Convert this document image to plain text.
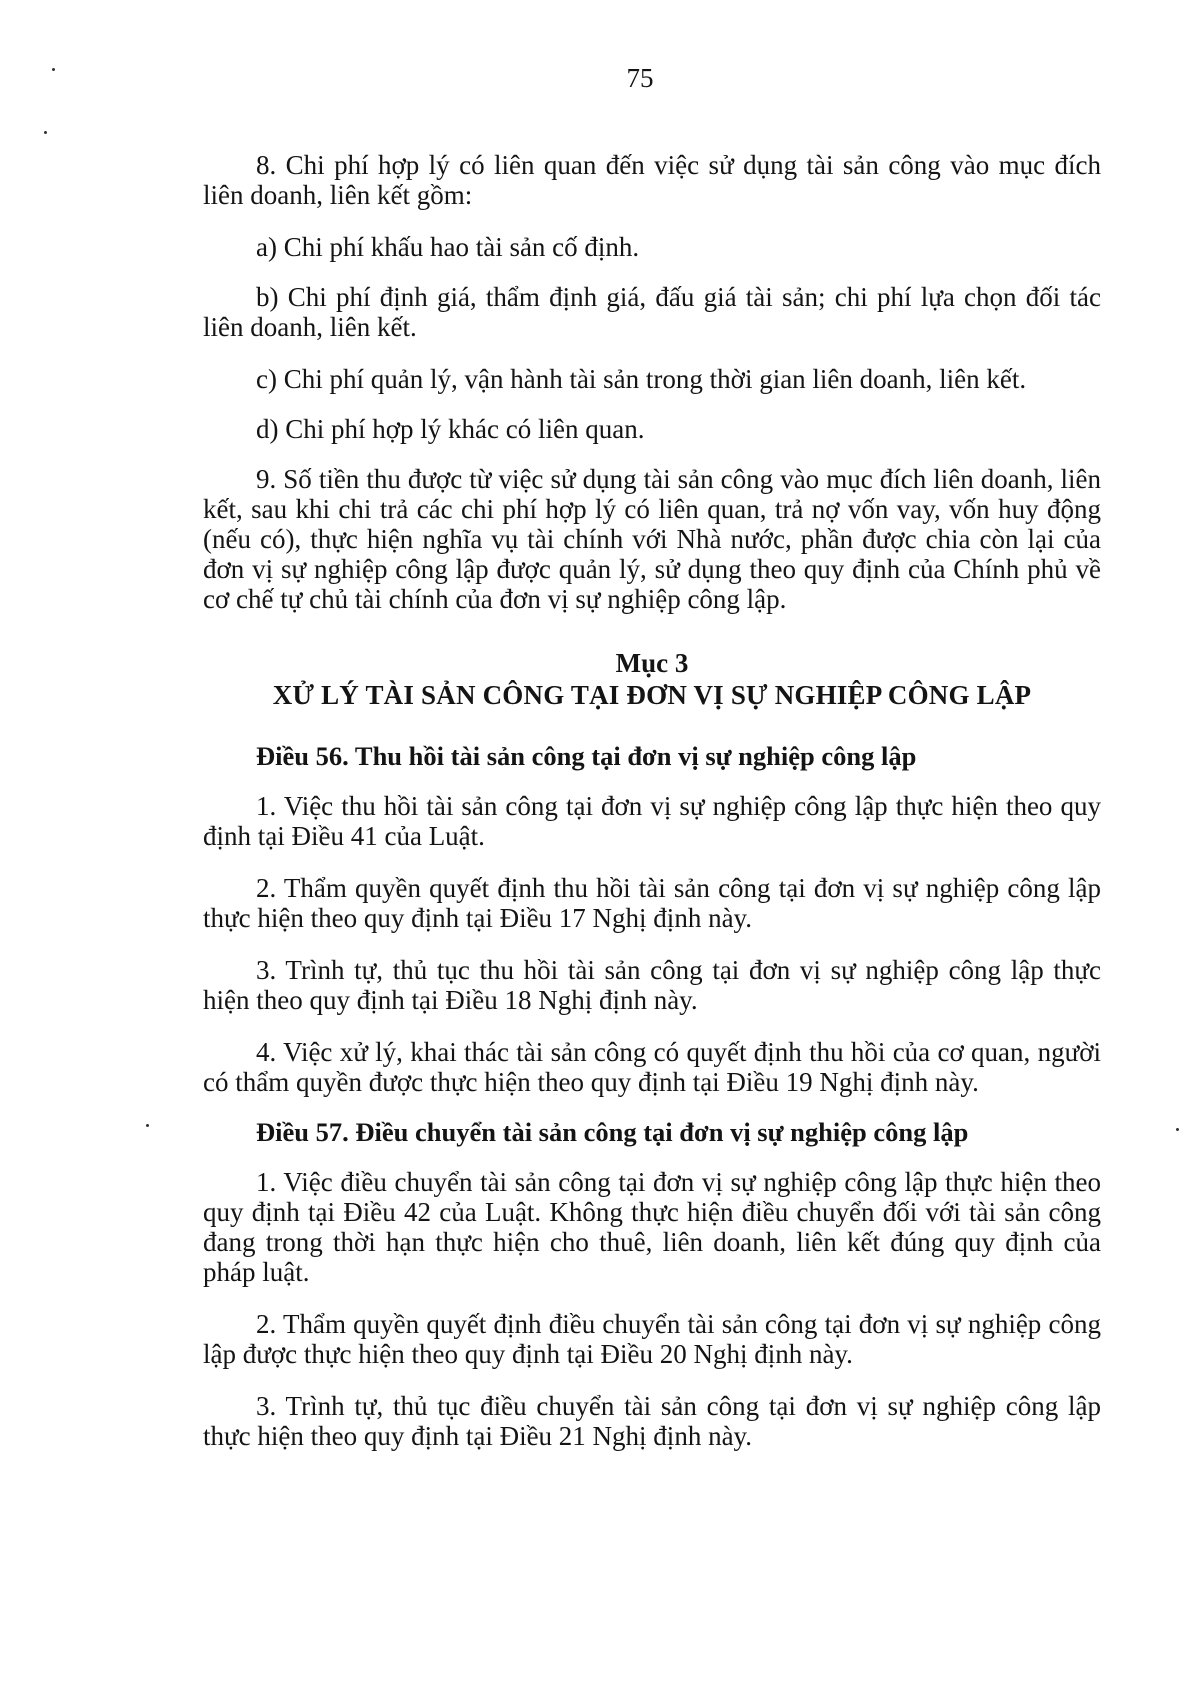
75

8. Chi phí hợp lý có liên quan đến việc sử dụng tài sản công vào mục đích liên doanh, liên kết gồm:

a) Chi phí khấu hao tài sản cố định.

b) Chi phí định giá, thẩm định giá, đấu giá tài sản; chi phí lựa chọn đối tác liên doanh, liên kết.

c) Chi phí quản lý, vận hành tài sản trong thời gian liên doanh, liên kết.

d) Chi phí hợp lý khác có liên quan.

9. Số tiền thu được từ việc sử dụng tài sản công vào mục đích liên doanh, liên kết, sau khi chi trả các chi phí hợp lý có liên quan, trả nợ vốn vay, vốn huy động (nếu có), thực hiện nghĩa vụ tài chính với Nhà nước, phần được chia còn lại của đơn vị sự nghiệp công lập được quản lý, sử dụng theo quy định của Chính phủ về cơ chế tự chủ tài chính của đơn vị sự nghiệp công lập.

Mục 3
XỬ LÝ TÀI SẢN CÔNG TẠI ĐƠN VỊ SỰ NGHIỆP CÔNG LẬP

Điều 56. Thu hồi tài sản công tại đơn vị sự nghiệp công lập

1. Việc thu hồi tài sản công tại đơn vị sự nghiệp công lập thực hiện theo quy định tại Điều 41 của Luật.

2. Thẩm quyền quyết định thu hồi tài sản công tại đơn vị sự nghiệp công lập thực hiện theo quy định tại Điều 17 Nghị định này.

3. Trình tự, thủ tục thu hồi tài sản công tại đơn vị sự nghiệp công lập thực hiện theo quy định tại Điều 18 Nghị định này.

4. Việc xử lý, khai thác tài sản công có quyết định thu hồi của cơ quan, người có thẩm quyền được thực hiện theo quy định tại Điều 19 Nghị định này.

Điều 57. Điều chuyển tài sản công tại đơn vị sự nghiệp công lập

1. Việc điều chuyển tài sản công tại đơn vị sự nghiệp công lập thực hiện theo quy định tại Điều 42 của Luật. Không thực hiện điều chuyển đối với tài sản công đang trong thời hạn thực hiện cho thuê, liên doanh, liên kết đúng quy định của pháp luật.

2. Thẩm quyền quyết định điều chuyển tài sản công tại đơn vị sự nghiệp công lập được thực hiện theo quy định tại Điều 20 Nghị định này.

3. Trình tự, thủ tục điều chuyển tài sản công tại đơn vị sự nghiệp công lập thực hiện theo quy định tại Điều 21 Nghị định này.
